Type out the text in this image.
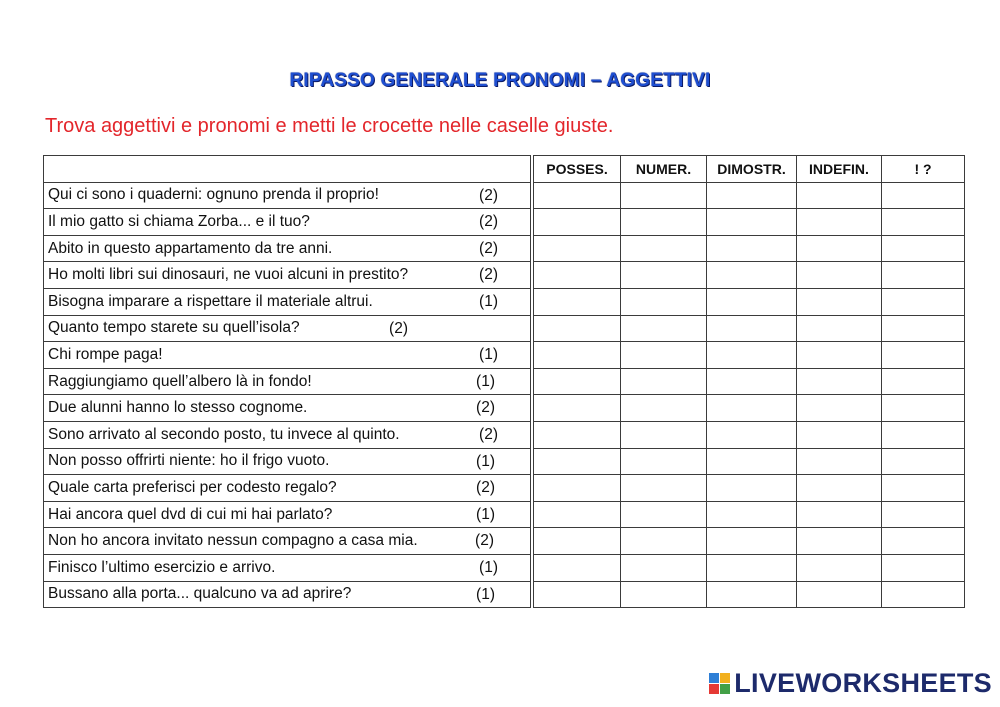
RIPASSO GENERALE PRONOMI – AGGETTIVI
Trova aggettivi e pronomi e metti le crocette nelle caselle giuste.
		POSSES.	NUMER.	DIMOSTR.	INDEFIN.	! ?
Qui ci sono i quaderni: ognuno prenda il proprio! (2)						

Il mio gatto si chiama Zorba... e il tuo? (2)						

Abito in questo appartamento da tre anni. (2)						

Ho molti libri sui dinosauri, ne vuoi alcuni in prestito? (2)						

Bisogna imparare a rispettare il materiale altrui. (1)						

Quanto tempo starete su quell’isola? (2)						

Chi rompe paga! (1)						

Raggiungiamo quell’albero là in fondo! (1)						

Due alunni hanno lo stesso cognome. (2)						

Sono arrivato al secondo posto, tu invece al quinto. (2)						

Non posso offrirti niente: ho il frigo vuoto. (1)						

Quale carta preferisci per codesto regalo? (2)						

Hai ancora quel dvd di cui mi hai parlato? (1)						

Non ho ancora invitato nessun compagno a casa mia. (2)						

Finisco l’ultimo esercizio e arrivo. (1)						

Bussano alla porta... qualcuno va ad aprire? (1)						

LIVEWORKSHEETS
